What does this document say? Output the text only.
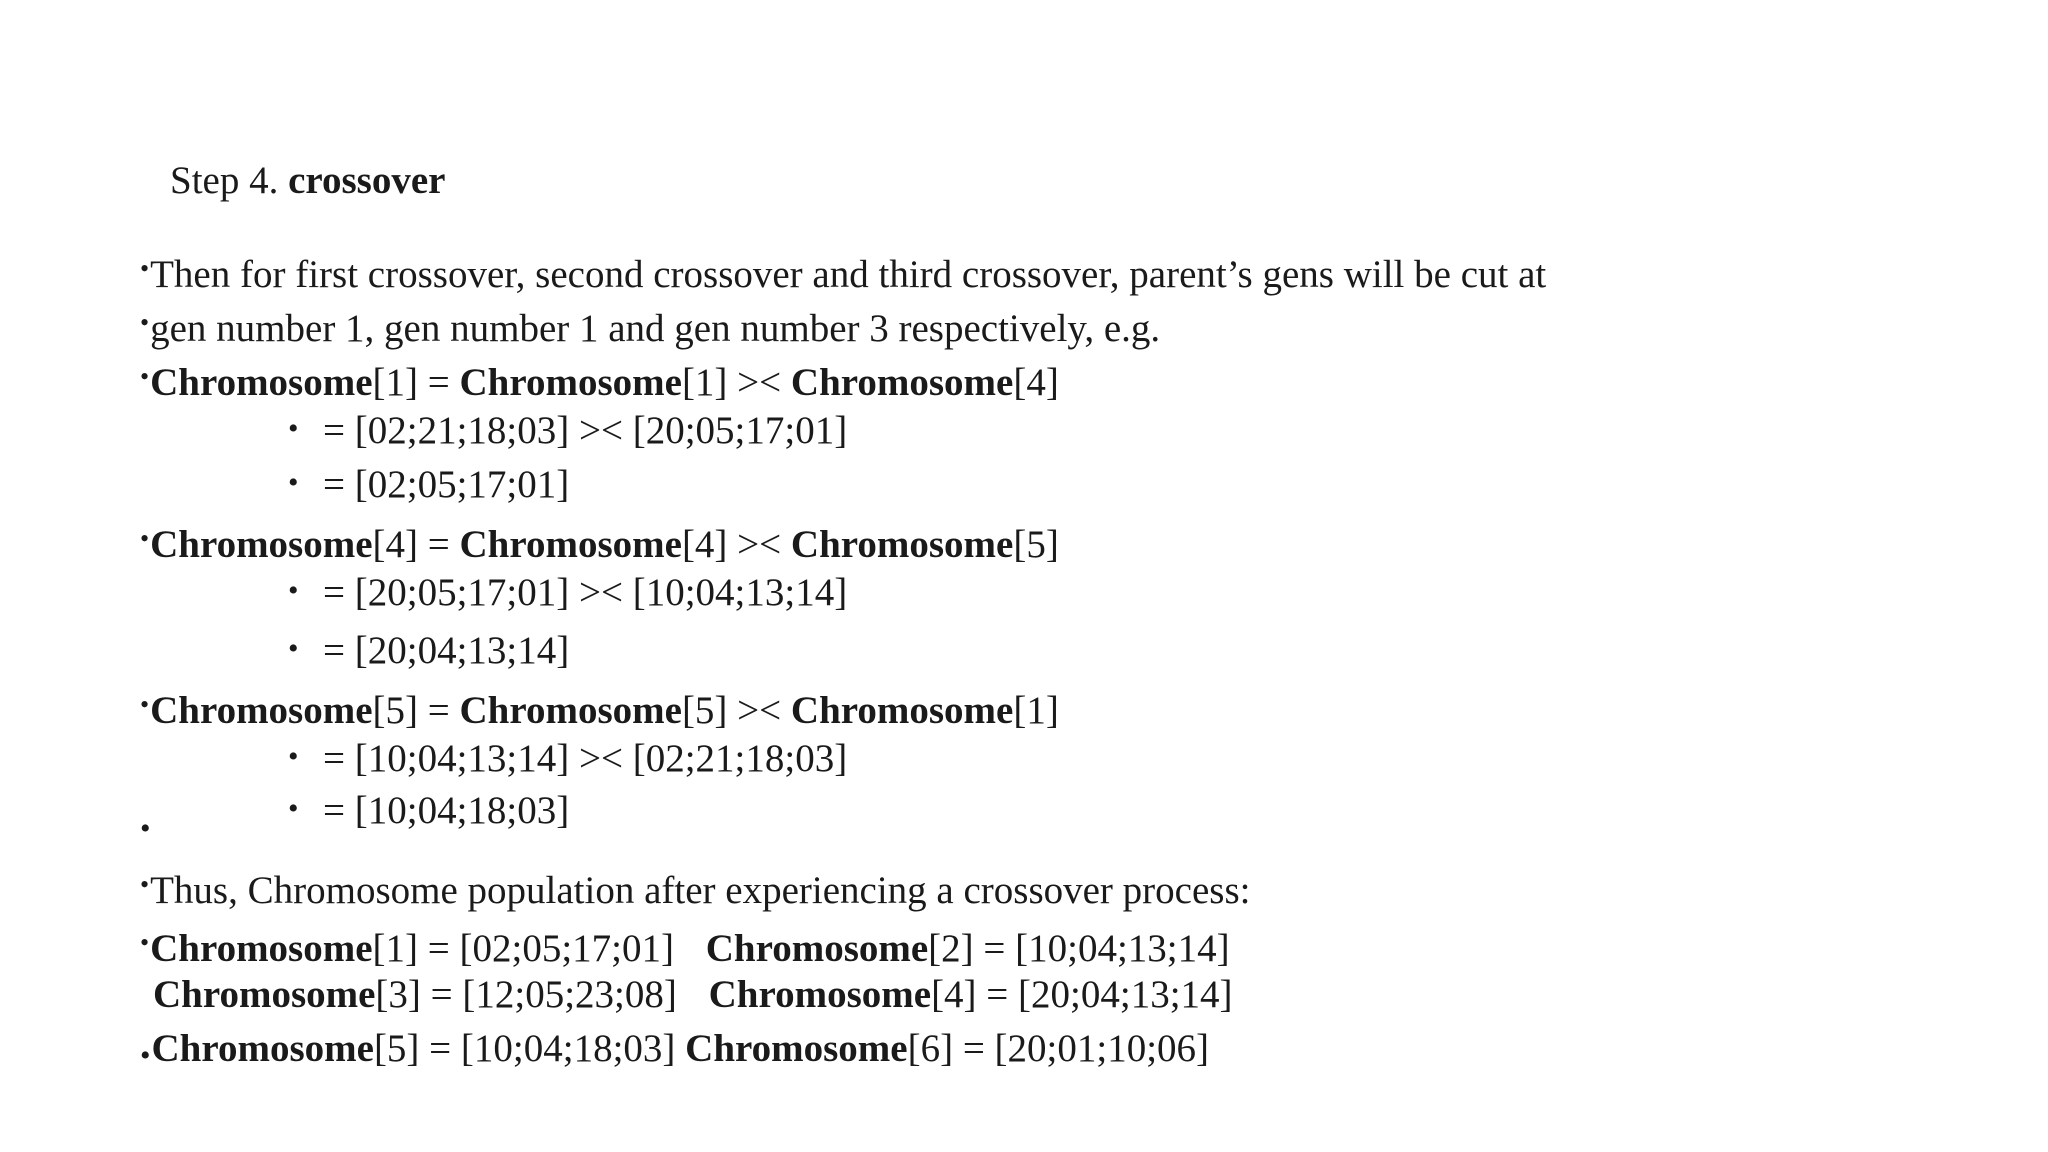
Step 4. crossover
•Then for first crossover, second crossover and third crossover, parent’s gens will be cut at
•gen number 1, gen number 1 and gen number 3 respectively, e.g.
•Chromosome[1] = Chromosome[1] >< Chromosome[4]
• = [02;21;18;03] >< [20;05;17;01]
• = [02;05;17;01]
•Chromosome[4] = Chromosome[4] >< Chromosome[5]
• = [20;05;17;01] >< [10;04;13;14]
• = [20;04;13;14]
•Chromosome[5] = Chromosome[5] >< Chromosome[1]
• = [10;04;13;14] >< [02;21;18;03]
• = [10;04;18;03]
•
•Thus, Chromosome population after experiencing a crossover process:
•Chromosome[1] = [02;05;17;01] Chromosome[2] = [10;04;13;14]
Chromosome[3] = [12;05;23;08] Chromosome[4] = [20;04;13;14]
•Chromosome[5] = [10;04;18;03] Chromosome[6] = [20;01;10;06]
